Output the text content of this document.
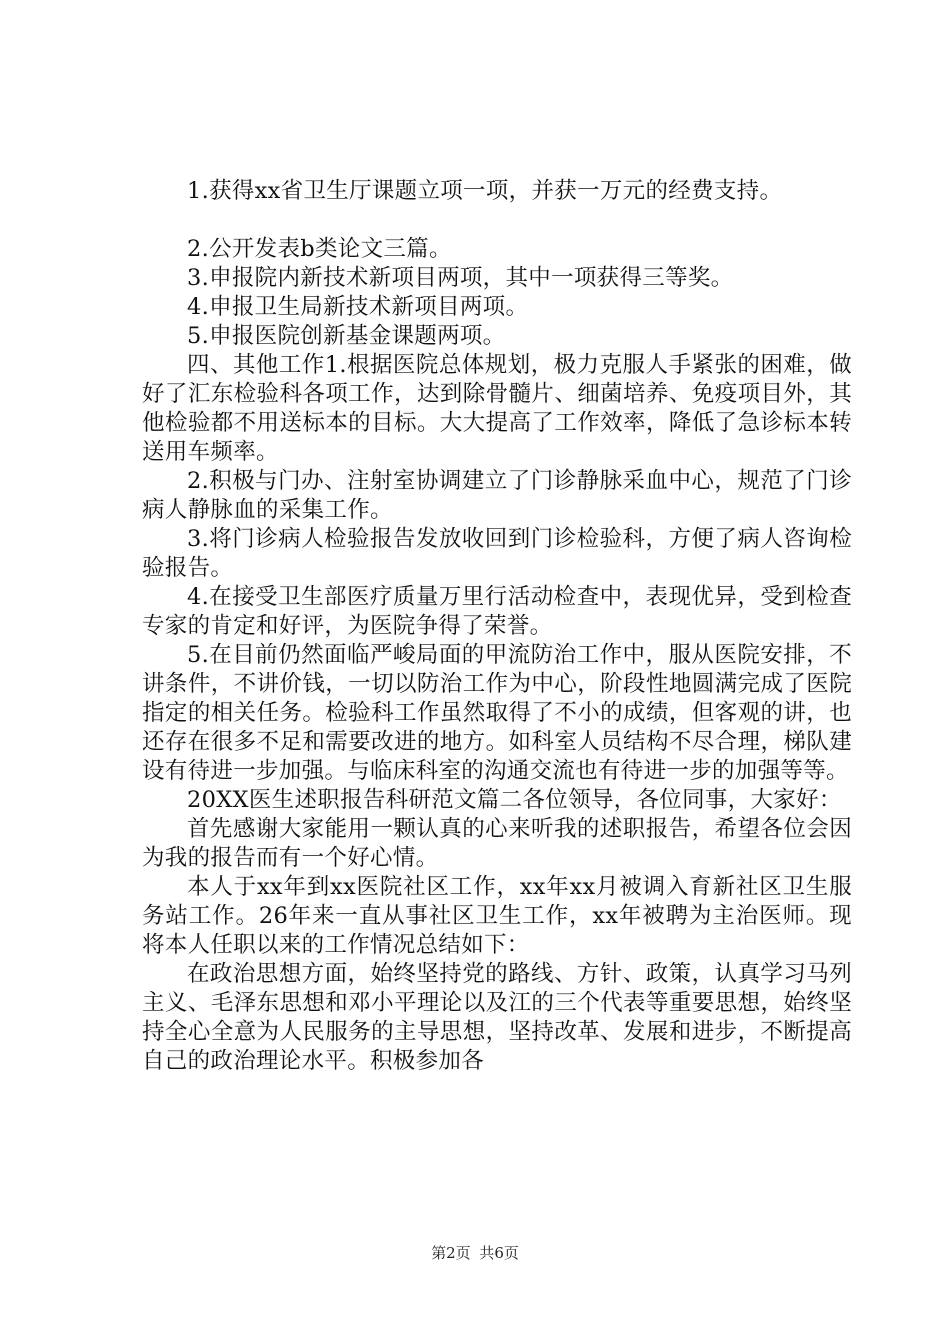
1.获得xx省卫生厅课题立项一项，并获一万元的经费支持。

2.公开发表b类论文三篇。

3.申报院内新技术新项目两项，其中一项获得三等奖。

4.申报卫生局新技术新项目两项。

5.申报医院创新基金课题两项。

四、其他工作1.根据医院总体规划，极力克服人手紧张的困难，做好了汇东检验科各项工作，达到除骨髓片、细菌培养、免疫项目外，其他检验都不用送标本的目标。大大提高了工作效率，降低了急诊标本转送用车频率。

2.积极与门办、注射室协调建立了门诊静脉采血中心，规范了门诊病人静脉血的采集工作。

3.将门诊病人检验报告发放收回到门诊检验科，方便了病人咨询检验报告。

4.在接受卫生部医疗质量万里行活动检查中，表现优异，受到检查专家的肯定和好评，为医院争得了荣誉。

5.在目前仍然面临严峻局面的甲流防治工作中，服从医院安排，不讲条件，不讲价钱，一切以防治工作为中心，阶段性地圆满完成了医院指定的相关任务。检验科工作虽然取得了不小的成绩，但客观的讲，也还存在很多不足和需要改进的地方。如科室人员结构不尽合理，梯队建设有待进一步加强。与临床科室的沟通交流也有待进一步的加强等等。

20XX医生述职报告科研范文篇二各位领导，各位同事，大家好：

首先感谢大家能用一颗认真的心来听我的述职报告，希望各位会因为我的报告而有一个好心情。

本人于xx年到xx医院社区工作，xx年xx月被调入育新社区卫生服务站工作。26年来一直从事社区卫生工作，xx年被聘为主治医师。现将本人任职以来的工作情况总结如下：

在政治思想方面，始终坚持党的路线、方针、政策，认真学习马列主义、毛泽东思想和邓小平理论以及江的三个代表等重要思想，始终坚持全心全意为人民服务的主导思想，坚持改革、发展和进步，不断提高自己的政治理论水平。积极参加各

第2页 共6页
